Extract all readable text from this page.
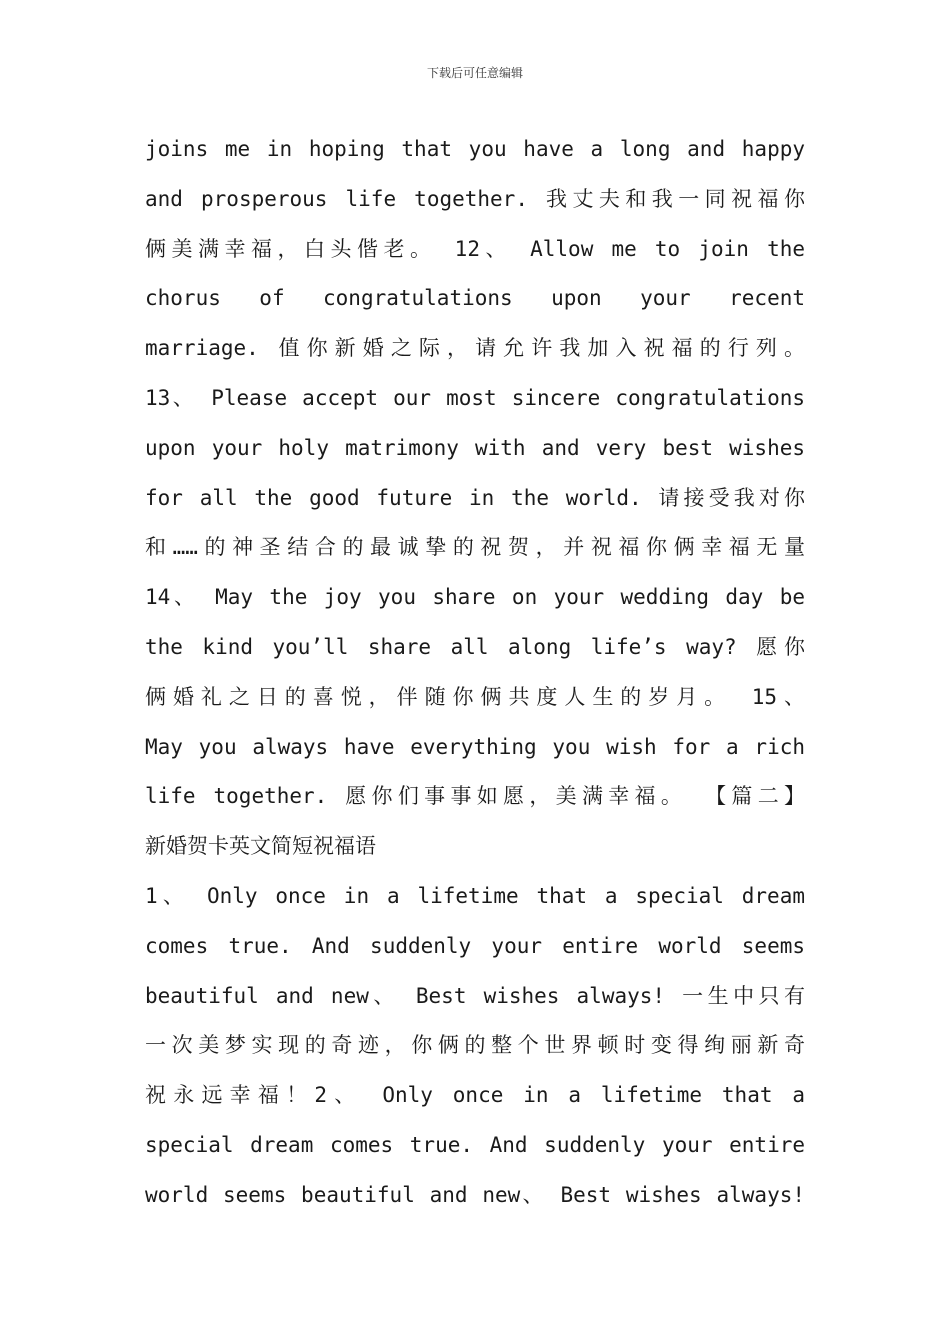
下载后可任意编辑
joins me in hoping that you have a long and happy
and prosperous life together. 我丈夫和我一同祝福你
俩美满幸福，白头偕老。 12、 Allow me to join the
chorus of congratulations upon your recent
marriage. 值你新婚之际，请允许我加入祝福的行列。
13、 Please accept our most sincere congratulations
upon your holy matrimony with and very best wishes
for all the good future in the world. 请接受我对你
和……的神圣结合的最诚挚的祝贺，并祝福你俩幸福无量
14、 May the joy you share on your wedding day be
the kind you’ll share all along life’s way? 愿你
俩婚礼之日的喜悦，伴随你俩共度人生的岁月。 15、
May you always have everything you wish for a rich
life together. 愿你们事事如愿，美满幸福。 【篇二】
新婚贺卡英文简短祝福语
1、 Only once in a lifetime that a special dream
comes true. And suddenly your entire world seems
beautiful and new、 Best wishes always! 一生中只有
一次美梦实现的奇迹，你俩的整个世界顿时变得绚丽新奇
祝永远幸福！2、 Only once in a lifetime that a
special dream comes true. And suddenly your entire
world seems beautiful and new、 Best wishes always!
